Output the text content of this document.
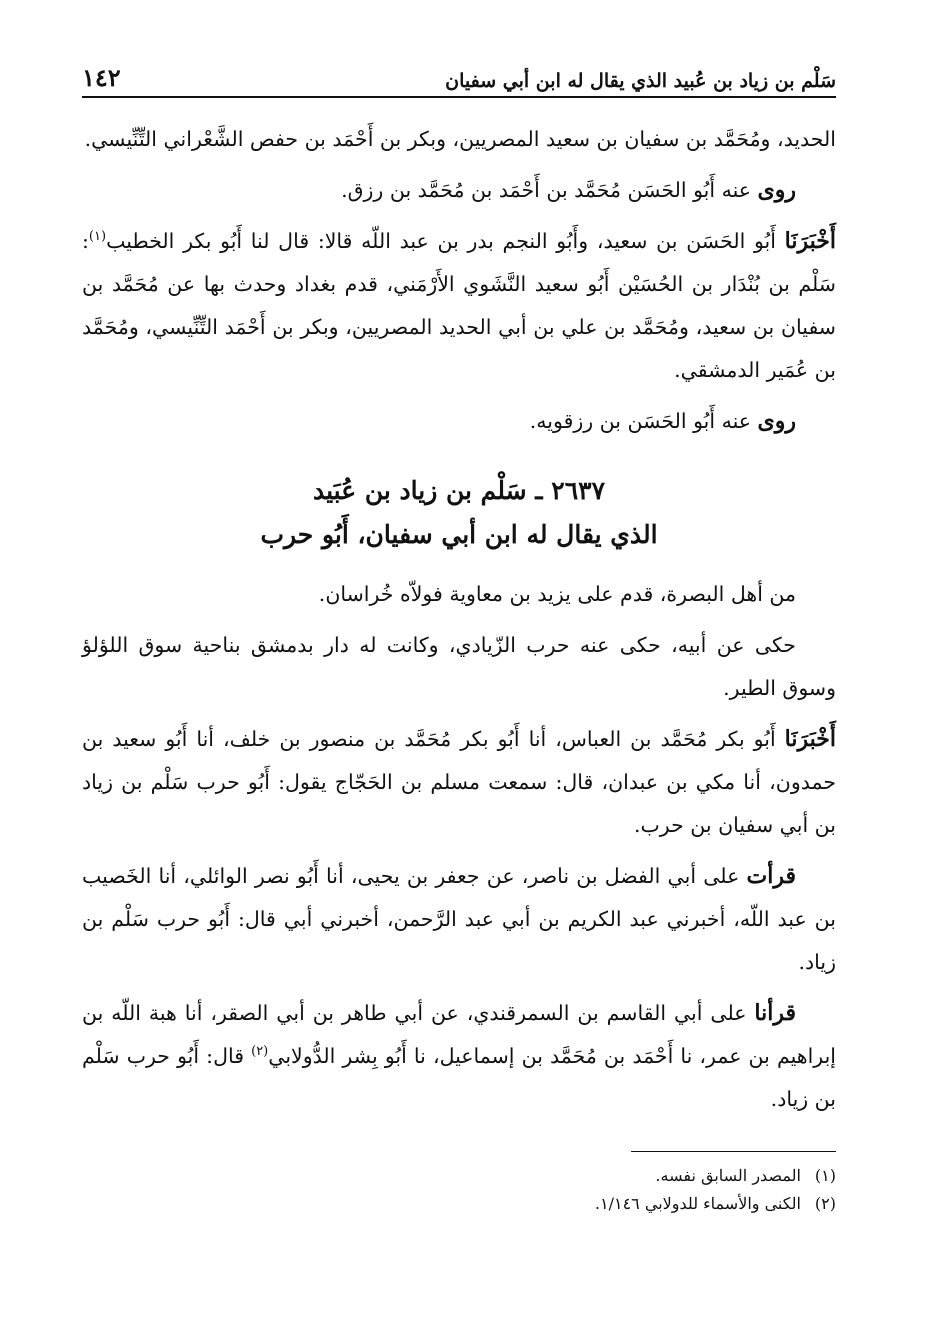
سَلْم بن زياد بن عُبيد الذي يقال له ابن أبي سفيان
١٤٢

الحديد، ومُحَمَّد بن سفيان بن سعيد المصريين، وبكر بن أَحْمَد بن حفص الشَّعْراني التِّنِّيسي.

روى عنه أَبُو الحَسَن مُحَمَّد بن أَحْمَد بن مُحَمَّد بن رزق.

أَخْبَرَنَا أَبُو الحَسَن بن سعيد، وأَبُو النجم بدر بن عبد اللّه قالا: قال لنا أَبُو بكر الخطيب$^{(١)}$: سَلْم بن بُنْدَار بن الحُسَيْن أَبُو سعيد النَّشَوي الأَرْمَني، قدم بغداد وحدث بها عن مُحَمَّد بن سفيان بن سعيد، ومُحَمَّد بن علي بن أبي الحديد المصريين، وبكر بن أَحْمَد التِّنِّيسي، ومُحَمَّد بن عُمَير الدمشقي.

روى عنه أَبُو الحَسَن بن رزقويه.

٢٦٣٧ ـ سَلْم بن زياد بن عُبَيد
الذي يقال له ابن أبي سفيان، أَبُو حرب

من أهل البصرة، قدم على يزيد بن معاوية فولاّه خُراسان.

حكى عن أبيه، حكى عنه حرب الزّيادي، وكانت له دار بدمشق بناحية سوق اللؤلؤ وسوق الطير.

أَخْبَرَنَا أَبُو بكر مُحَمَّد بن العباس، أنا أَبُو بكر مُحَمَّد بن منصور بن خلف، أنا أَبُو سعيد بن حمدون، أنا مكي بن عبدان، قال: سمعت مسلم بن الحَجّاج يقول: أَبُو حرب سَلْم بن زياد بن أبي سفيان بن حرب.

قرأت على أبي الفضل بن ناصر، عن جعفر بن يحيى، أنا أَبُو نصر الوائلي، أنا الخَصيب بن عبد اللّه، أخبرني عبد الكريم بن أبي عبد الرَّحمن، أخبرني أبي قال: أَبُو حرب سَلْم بن زياد.

قرأنا على أبي القاسم بن السمرقندي، عن أبي طاهر بن أبي الصقر، أنا هبة اللّه بن إبراهيم بن عمر، نا أَحْمَد بن مُحَمَّد بن إسماعيل، نا أَبُو بِشر الدُّولابي$^{(٢)}$ قال: أَبُو حرب سَلْم بن زياد.

(١)
المصدر السابق نفسه.
(٢)
الكنى والأسماء للدولابي ١/١٤٦.
